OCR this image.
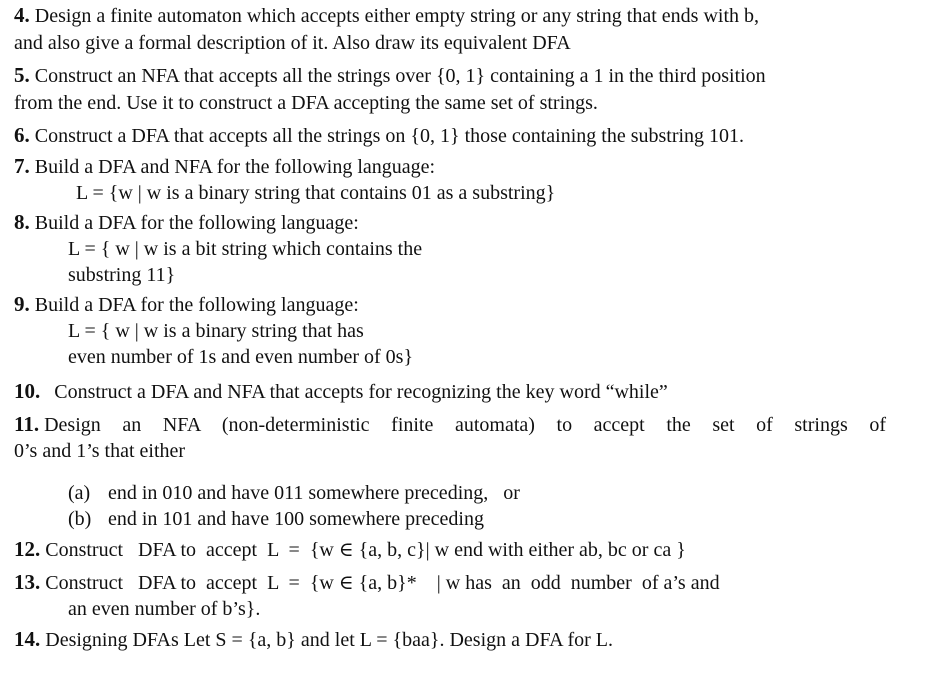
4. Design a finite automaton which accepts either empty string or any string that ends with b,
and also give a formal description of it. Also draw its equivalent DFA
5. Construct an NFA that accepts all the strings over {0, 1} containing a 1 in the third position
from the end. Use it to construct a DFA accepting the same set of strings.
6. Construct a DFA that accepts all the strings on {0, 1} those containing the substring 101.
7. Build a DFA and NFA for the following language:
L = {w | w is a binary string that contains 01 as a substring}
8. Build a DFA for the following language:
L = { w | w is a bit string which contains the
substring 11}
9. Build a DFA for the following language:
L = { w | w is a binary string that has
even number of 1s and even number of 0s}
10. Construct a DFA and NFA that accepts for recognizing the key word “while”
11. Design an NFA (non-deterministic finite automata) to accept the set of strings of
0’s and 1’s that either
(a) end in 010 and have 011 somewhere preceding,   or
(b) end in 101 and have 100 somewhere preceding
12. Construct   DFA to  accept  L  =  {w ∈ {a, b, c}| w end with either ab, bc or ca }
13. Construct   DFA to  accept  L  =  {w ∈ {a, b}*    | w has  an  odd  number  of a’s and
an even number of b’s}.
14. Designing DFAs Let S = {a, b} and let L = {baa}. Design a DFA for L.
